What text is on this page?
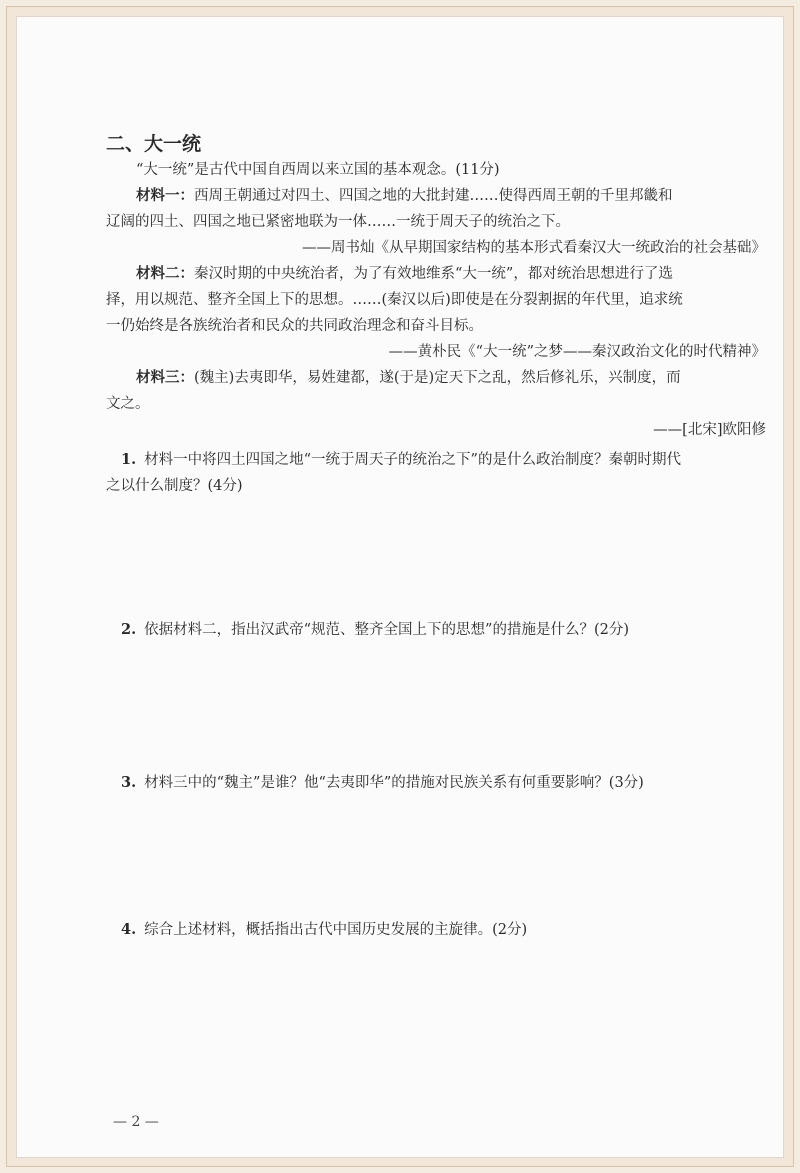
二、大一统
“大一统”是古代中国自西周以来立国的基本观念。(11分)
材料一：西周王朝通过对四土、四国之地的大批封建……使得西周王朝的千里邦畿和
辽阔的四土、四国之地已紧密地联为一体……一统于周天子的统治之下。
——周书灿《从早期国家结构的基本形式看秦汉大一统政治的社会基础》
材料二：秦汉时期的中央统治者，为了有效地维系“大一统”，都对统治思想进行了选
择，用以规范、整齐全国上下的思想。……(秦汉以后)即使是在分裂割据的年代里，追求统
一仍始终是各族统治者和民众的共同政治理念和奋斗目标。
——黄朴民《“大一统”之梦——秦汉政治文化的时代精神》
材料三：(魏主)去夷即华，易姓建都，遂(于是)定天下之乱，然后修礼乐，兴制度，而
文之。
——[北宋]欧阳修
1. 材料一中将四土四国之地“一统于周天子的统治之下”的是什么政治制度？秦朝时期代
之以什么制度？(4分)
2. 依据材料二，指出汉武帝“规范、整齐全国上下的思想”的措施是什么？(2分)
3. 材料三中的“魏主”是谁？他“去夷即华”的措施对民族关系有何重要影响？(3分)
4. 综合上述材料，概括指出古代中国历史发展的主旋律。(2分)
— 2 —
